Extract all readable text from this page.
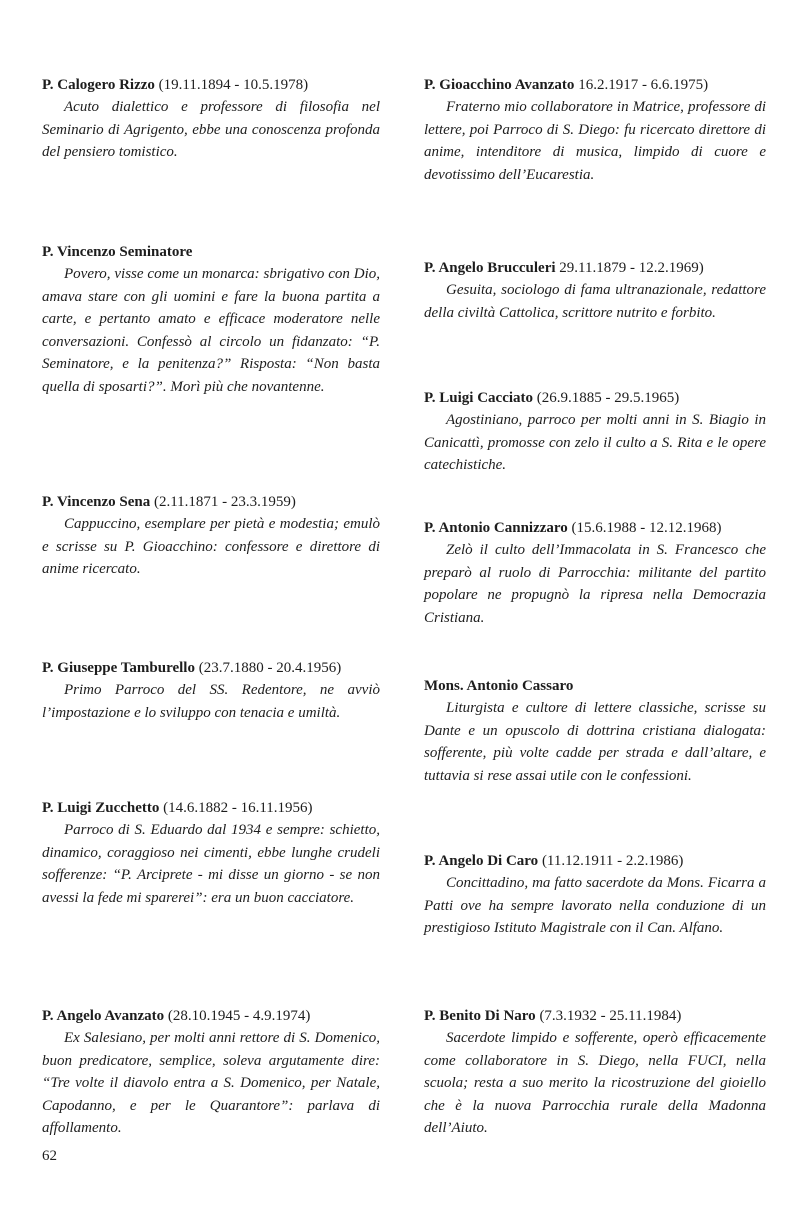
P. Calogero Rizzo (19.11.1894 - 10.5.1978)

Acuto dialettico e professore di filosofia nel Seminario di Agrigento, ebbe una conoscenza profonda del pensiero tomistico.

P. Vincenzo Seminatore

Povero, visse come un monarca: sbrigativo con Dio, amava stare con gli uomini e fare la buona partita a carte, e pertanto amato e efficace moderatore nelle conversazioni. Confessò al circolo un fidanzato: “P. Seminatore, e la penitenza?” Risposta: “Non basta quella di sposarti?”. Morì più che novantenne.

P. Vincenzo Sena (2.11.1871 - 23.3.1959)

Cappuccino, esemplare per pietà e modestia; emulò e scrisse su P. Gioacchino: confessore e direttore di anime ricercato.

P. Giuseppe Tamburello (23.7.1880 - 20.4.1956)

Primo Parroco del SS. Redentore, ne avviò l’impostazione e lo sviluppo con tenacia e umiltà.

P. Luigi Zucchetto (14.6.1882 - 16.11.1956)

Parroco di S. Eduardo dal 1934 e sempre: schietto, dinamico, coraggioso nei cimenti, ebbe lunghe crudeli sofferenze: “P. Arciprete - mi disse un giorno - se non avessi la fede mi sparerei”: era un buon cacciatore.

P. Angelo Avanzato (28.10.1945 - 4.9.1974)

Ex Salesiano, per molti anni rettore di S. Domenico, buon predicatore, semplice, soleva argutamente dire: “Tre volte il diavolo entra a S. Domenico, per Natale, Capodanno, e per le Quarantore”: parlava di affollamento.

P. Gioacchino Avanzato 16.2.1917 - 6.6.1975)

Fraterno mio collaboratore in Matrice, professore di lettere, poi Parroco di S. Diego: fu ricercato direttore di anime, intenditore di musica, limpido di cuore e devotissimo dell’Eucarestia.

P. Angelo Brucculeri 29.11.1879 - 12.2.1969)

Gesuita, sociologo di fama ultranazionale, redattore della civiltà Cattolica, scrittore nutrito e forbito.

P. Luigi Cacciato (26.9.1885 - 29.5.1965)

Agostiniano, parroco per molti anni in S. Biagio in Canicattì, promosse con zelo il culto a S. Rita e le opere catechistiche.

P. Antonio Cannizzaro (15.6.1988 - 12.12.1968)

Zelò il culto dell’Immacolata in S. Francesco che preparò al ruolo di Parrocchia: militante del partito popolare ne propugnò la ripresa nella Democrazia Cristiana.

Mons. Antonio Cassaro

Liturgista e cultore di lettere classiche, scrisse su Dante e un opuscolo di dottrina cristiana dialogata: sofferente, più volte cadde per strada e dall’altare, e tuttavia si rese assai utile con le confessioni.

P. Angelo Di Caro (11.12.1911 - 2.2.1986)

Concittadino, ma fatto sacerdote da Mons. Ficarra a Patti ove ha sempre lavorato nella conduzione di un prestigioso Istituto Magistrale con il Can. Alfano.

P. Benito Di Naro (7.3.1932 - 25.11.1984)

Sacerdote limpido e sofferente, operò efficacemente come collaboratore in S. Diego, nella FUCI, nella scuola; resta a suo merito la ricostruzione del gioiello che è la nuova Parrocchia rurale della Madonna dell’Aiuto.

62
